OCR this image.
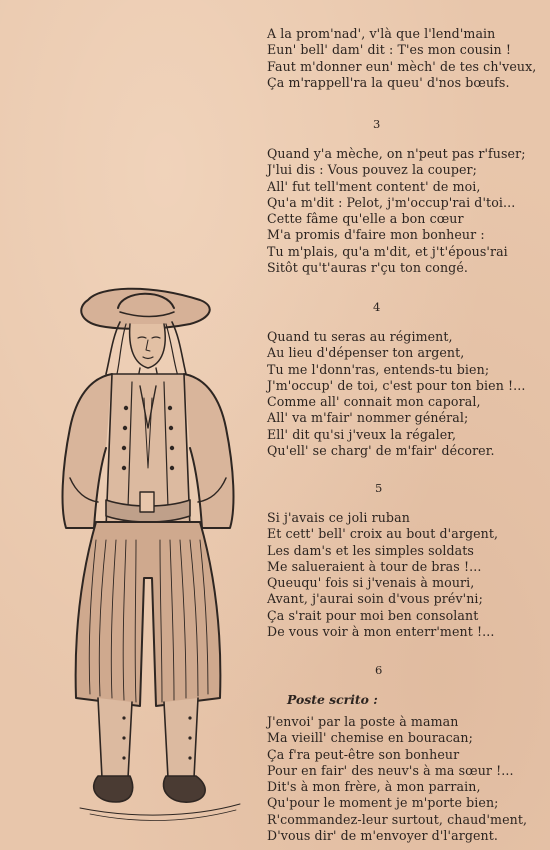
A la prom'nad', v'là que l'lend'main
Eun' bell' dam' dit : T'es mon cousin !
Faut m'donner eun' mèch' de tes ch'veux,
Ça m'rappell'ra la queu' d'nos bœufs.
3
Quand y'a mèche, on n'peut pas r'fuser;
J'lui dis : Vous pouvez la couper;
All' fut tell'ment content' de moi,
Qu'a m'dit : Pelot, j'm'occup'rai d'toi...
Cette fâme qu'elle a bon cœur
M'a promis d'faire mon bonheur :
Tu m'plais, qu'a m'dit, et j't'épous'rai
Sitôt qu't'auras r'çu ton congé.
4
Quand tu seras au régiment,
Au lieu d'dépenser ton argent,
Tu me l'donn'ras, entends-tu bien;
J'm'occup' de toi, c'est pour ton bien !...
Comme all' connait mon caporal,
All' va m'fair' nommer général;
Ell' dit qu'si j'veux la régaler,
Qu'ell' se charg' de m'fair' décorer.
5
Si j'avais ce joli ruban
Et cett' bell' croix au bout d'argent,
Les dam's et les simples soldats
Me salueraient à tour de bras !...
Queuqu' fois si j'venais à mouri,
Avant, j'aurai soin d'vous prév'ni;
Ça s'rait pour moi ben consolant
De vous voir à mon enterr'ment !...
6
Poste scrito :
J'envoi' par la poste à maman
Ma vieill' chemise en bouracan;
Ça f'ra peut-être son bonheur
Pour en fair' des neuv's à ma sœur !...
Dit's à mon frère, à mon parrain,
Qu'pour le moment je m'porte bien;
R'commandez-leur surtout, chaud'ment,
D'vous dir' de m'envoyer d'l'argent.
